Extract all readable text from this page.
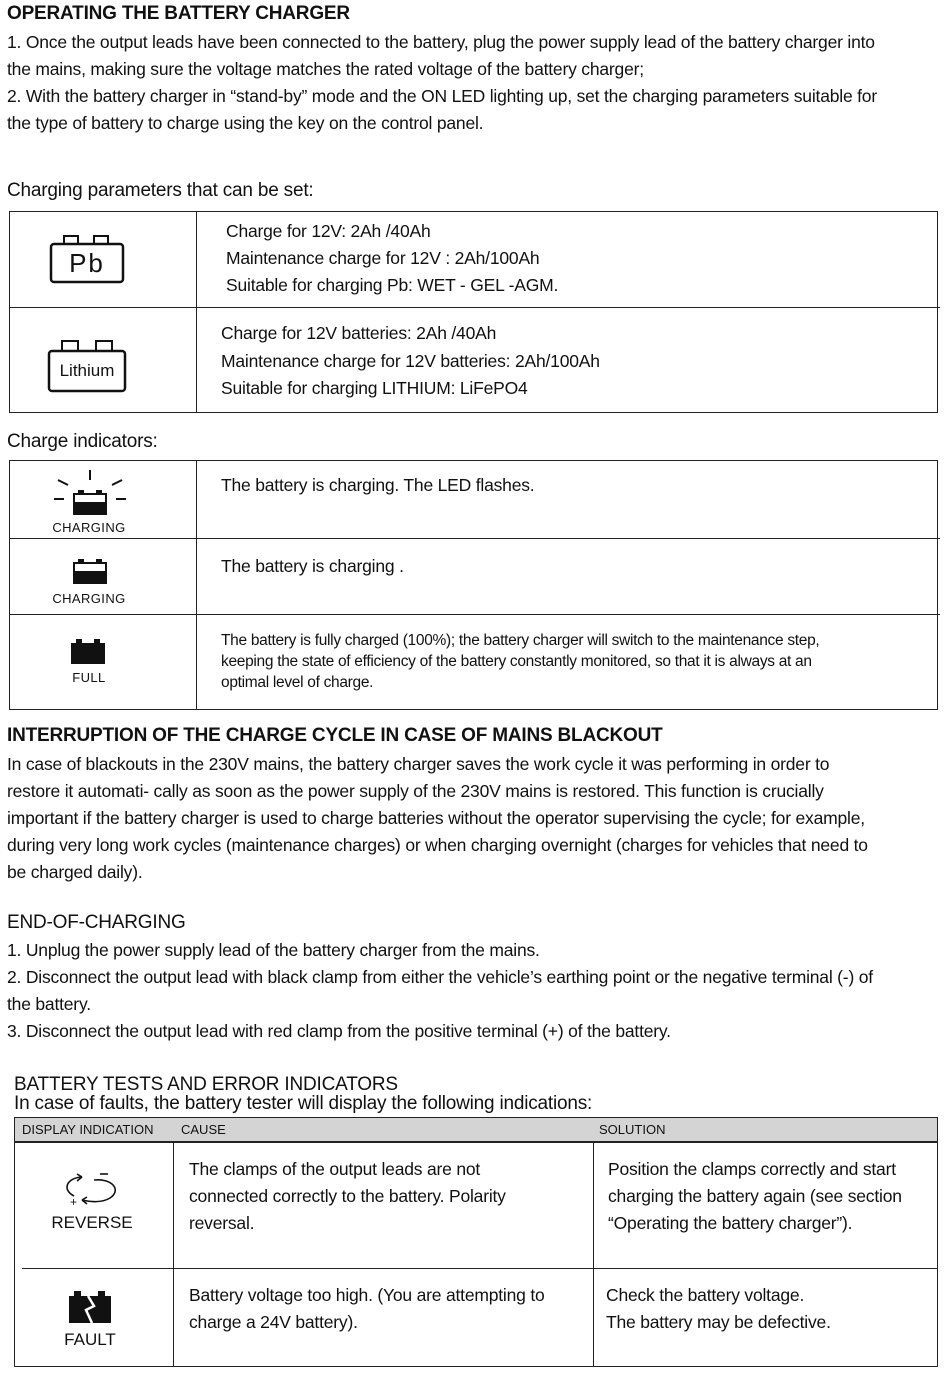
OPERATING THE BATTERY CHARGER
1. Once the output leads have been connected to the battery, plug the power supply lead of the battery charger into
the mains, making sure the voltage matches the rated voltage of the battery charger;
2. With the battery charger in “stand-by” mode and the ON LED lighting up, set the charging parameters suitable for
the type of battery to charge using the key on the control panel.
Charging parameters that can be set:
Pb
Charge for 12V: 2Ah /40Ah
Maintenance charge for 12V : 2Ah/100Ah
Suitable for charging Pb: WET - GEL -AGM.
Lithium
Charge for 12V batteries: 2Ah /40Ah
Maintenance charge for 12V batteries: 2Ah/100Ah
Suitable for charging LITHIUM: LiFePO4
Charge indicators:
CHARGING
The battery is charging. The LED flashes.
CHARGING
The battery is charging .
FULL
The battery is fully charged (100%); the battery charger will switch to the maintenance step,
keeping the state of efficiency of the battery constantly monitored, so that it is always at an
optimal level of charge.
INTERRUPTION OF THE CHARGE CYCLE IN CASE OF MAINS BLACKOUT
In case of blackouts in the 230V mains, the battery charger saves the work cycle it was performing in order to
restore it automati- cally as soon as the power supply of the 230V mains is restored. This function is crucially
important if the battery charger is used to charge batteries without the operator supervising the cycle; for example,
during very long work cycles (maintenance charges) or when charging overnight (charges for vehicles that need to
be charged daily).
END-OF-CHARGING
1. Unplug the power supply lead of the battery charger from the mains.
2. Disconnect the output lead with black clamp from either the vehicle’s earthing point or the negative terminal (-) of
the battery.
3. Disconnect the output lead with red clamp from the positive terminal (+) of the battery.
BATTERY TESTS AND ERROR INDICATORS
In case of faults, the battery tester will display the following indications:
DISPLAY INDICATION CAUSE	SOLUTION
+
REVERSE
The clamps of the output leads are not
connected correctly to the battery. Polarity
reversal.
Position the clamps correctly and start
charging the battery again (see section
“Operating the battery charger”).
FAULT
Battery voltage too high. (You are attempting to
charge a 24V battery).
Check the battery voltage.
The battery may be defective.
